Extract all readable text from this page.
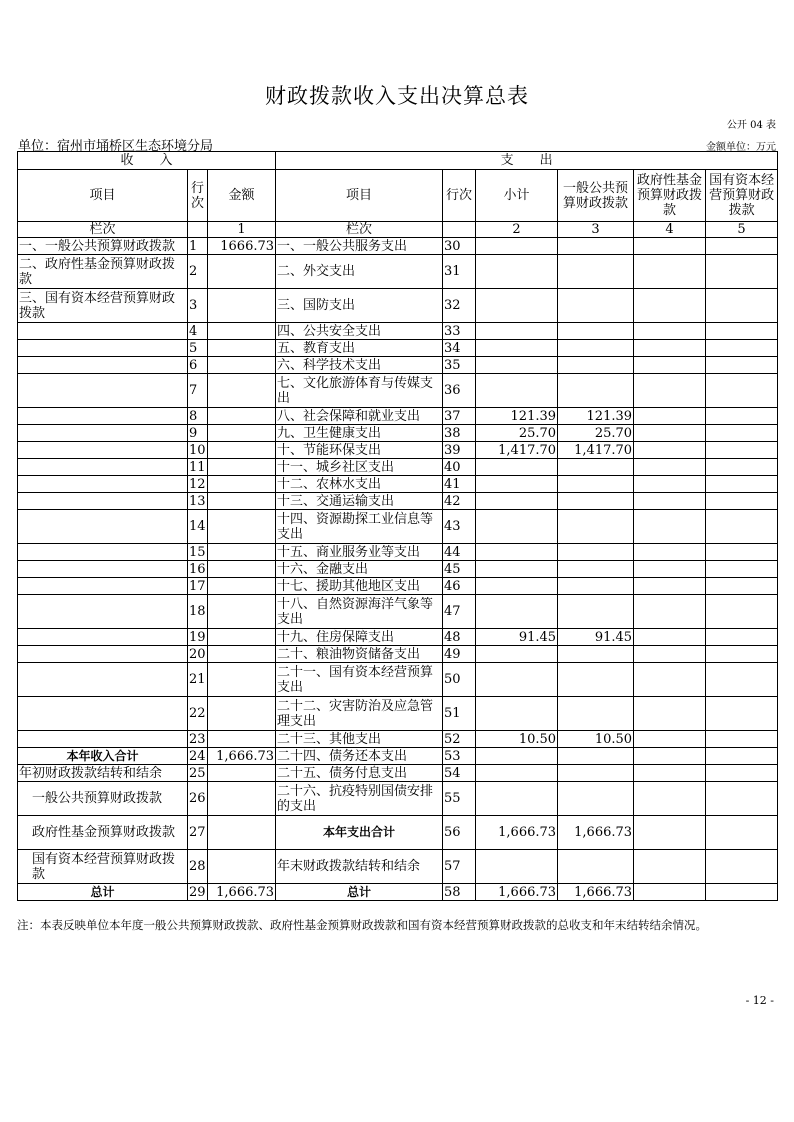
财政拨款收入支出决算总表
公开 04 表
单位：宿州市埇桥区生态环境分局	金额单位：万元
收　　入			支　　出					
项目	行次	金额	项目	行次	小计	一般公共预算财政拨款	政府性基金预算财政拨款	国有资本经营预算财政拨款
栏次		1	栏次		2	3	4	5
一、一般公共预算财政拨款	1	1666.73	一、一般公共服务支出	30				
二、政府性基金预算财政拨款	2		二、外交支出	31				
三、国有资本经营预算财政拨款	3		三、国防支出	32				
	4		四、公共安全支出	33				
	5		五、教育支出	34				
	6		六、科学技术支出	35				
	7		七、文化旅游体育与传媒支出	36				
	8		八、社会保障和就业支出	37	121.39	121.39		
	9		九、卫生健康支出	38	25.70	25.70		
	10		十、节能环保支出	39	1,417.70	1,417.70		
	11		十一、城乡社区支出	40				
	12		十二、农林水支出	41				
	13		十三、交通运输支出	42				
	14		十四、资源勘探工业信息等支出	43				
	15		十五、商业服务业等支出	44				
	16		十六、金融支出	45				
	17		十七、援助其他地区支出	46				
	18		十八、自然资源海洋气象等支出	47				
	19		十九、住房保障支出	48	91.45	91.45		
	20		二十、粮油物资储备支出	49				
	21		二十一、国有资本经营预算支出	50				
	22		二十二、灾害防治及应急管理支出	51				
	23		二十三、其他支出	52	10.50	10.50		
本年收入合计	24	1,666.73	二十四、债务还本支出	53				
年初财政拨款结转和结余	25		二十五、债务付息支出	54				
一般公共预算财政拨款	26		二十六、抗疫特别国债安排的支出	55				
政府性基金预算财政拨款	27		本年支出合计	56	1,666.73	1,666.73		
国有资本经营预算财政拨款	28		年末财政拨款结转和结余	57				
总计	29	1,666.73	总计	58	1,666.73	1,666.73		
注：本表反映单位本年度一般公共预算财政拨款、政府性基金预算财政拨款和国有资本经营预算财政拨款的总收支和年末结转结余情况。
- 12 -
